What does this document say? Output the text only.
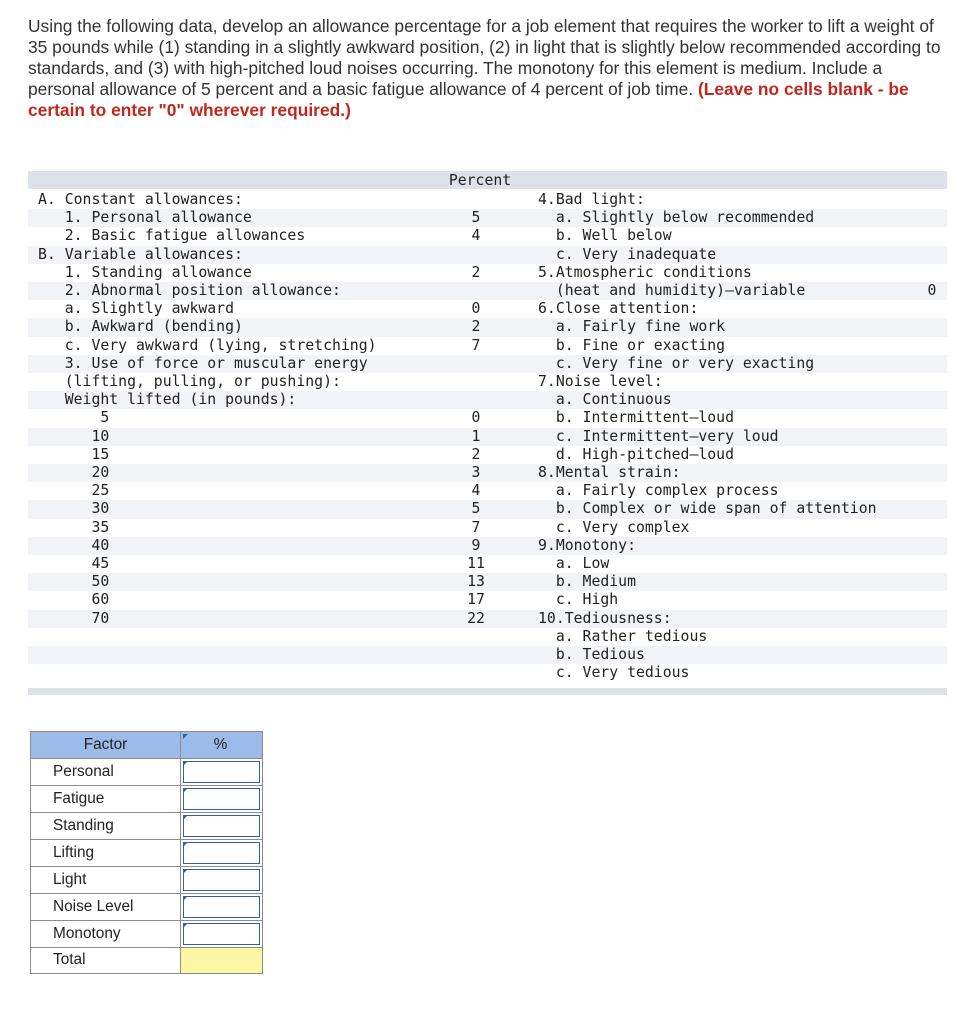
Using the following data, develop an allowance percentage for a job element that requires the worker to lift a weight of 35 pounds while (1) standing in a slightly awkward position, (2) in light that is slightly below recommended according to standards, and (3) with high-pitched loud noises occurring. The monotony for this element is medium. Include a personal allowance of 5 percent and a basic fatigue allowance of 4 percent of job time. (Leave no cells blank - be certain to enter "0" wherever required.)
Percent
A. Constant allowances:
1. Personal allowance	5
2. Basic fatigue allowances	4
B. Variable allowances:
1. Standing allowance	2
2. Abnormal position allowance:
a. Slightly awkward	0
b. Awkward (bending)	2
c. Very awkward (lying, stretching)	7
3. Use of force or muscular energy
(lifting, pulling, or pushing):
Weight lifted (in pounds):
5	0
10	1
15	2
20	3
25	4
30	5
35	7
40	9
45	11
50	13
60	17
70	22
4.Bad light:
a. Slightly below recommended
b. Well below
c. Very inadequate
5.Atmospheric conditions
(heat and humidity)—variable	0
6.Close attention:
a. Fairly fine work
b. Fine or exacting
c. Very fine or very exacting
7.Noise level:
a. Continuous
b. Intermittent—loud
c. Intermittent—very loud
d. High-pitched—loud
8.Mental strain:
a. Fairly complex process
b. Complex or wide span of attention
c. Very complex
9.Monotony:
a. Low
b. Medium
c. High
10.Tediousness:
a. Rather tedious
b. Tedious
c. Very tedious
Factor	%
Personal	
Fatigue	
Standing	
Lifting	
Light	
Noise Level	
Monotony	
Total	
